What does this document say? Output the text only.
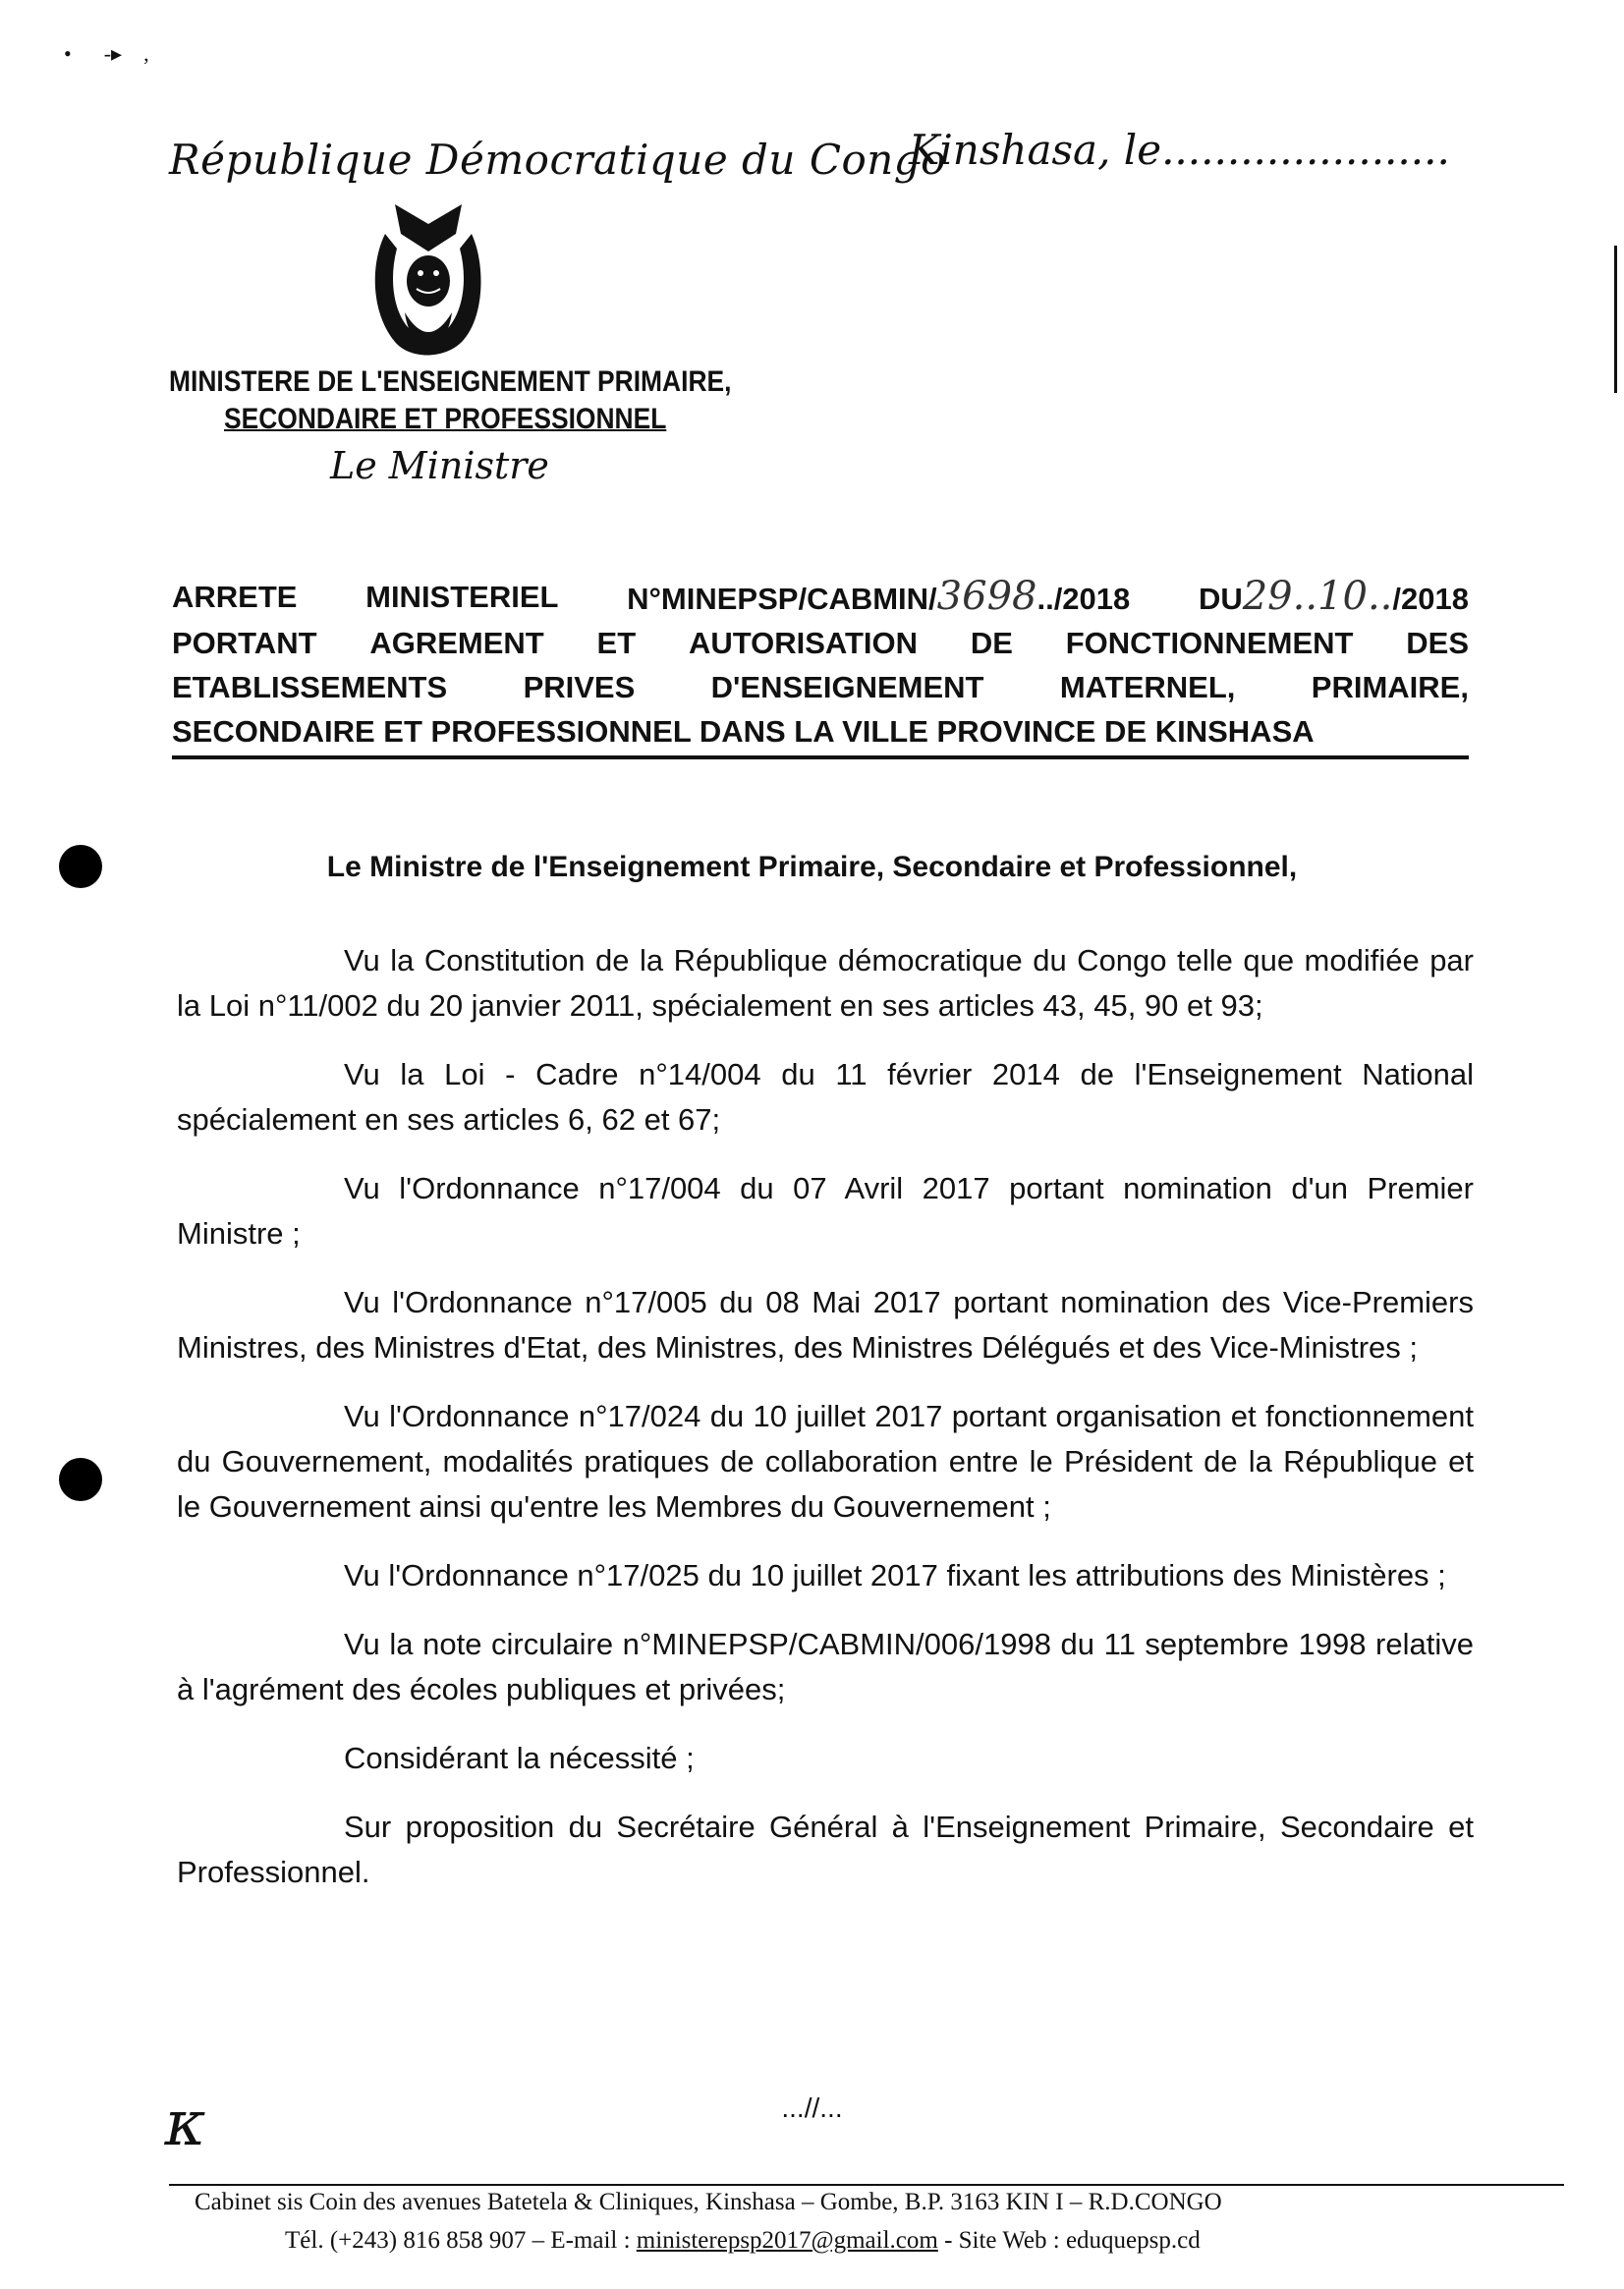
•      -▸    ,
République Démocratique du Congo
Kinshasa, le......................
MINISTERE DE L'ENSEIGNEMENT PRIMAIRE,
SECONDAIRE ET PROFESSIONNEL
Le Ministre
ARRETE MINISTERIEL N°MINEPSP/CABMIN/3698../2018 DU29..10../2018
PORTANT AGREMENT ET AUTORISATION DE FONCTIONNEMENT DES
ETABLISSEMENTS PRIVES D'ENSEIGNEMENT MATERNEL, PRIMAIRE,
SECONDAIRE ET PROFESSIONNEL DANS LA VILLE PROVINCE DE KINSHASA
Le Ministre de l'Enseignement Primaire, Secondaire et Professionnel,

Vu la Constitution de la République démocratique du Congo telle que modifiée par la Loi n°11/002 du 20 janvier 2011, spécialement en ses articles 43, 45, 90 et 93;

Vu la Loi - Cadre n°14/004 du 11 février 2014 de l'Enseignement National spécialement en ses articles 6, 62 et 67;

Vu l'Ordonnance n°17/004 du 07 Avril 2017 portant nomination d'un Premier Ministre ;

Vu l'Ordonnance n°17/005 du 08 Mai 2017 portant nomination des Vice-Premiers Ministres, des Ministres d'Etat, des Ministres, des Ministres Délégués et des Vice-Ministres ;

Vu l'Ordonnance n°17/024 du 10 juillet 2017 portant organisation et fonctionnement du Gouvernement, modalités pratiques de collaboration entre le Président de la République et le Gouvernement ainsi qu'entre les Membres du Gouvernement ;

Vu l'Ordonnance n°17/025 du 10 juillet 2017 fixant les attributions des Ministères ;

Vu la note circulaire n°MINEPSP/CABMIN/006/1998 du 11 septembre 1998 relative à l'agrément des écoles publiques et privées;

Considérant la nécessité ;

Sur proposition du Secrétaire Général à l'Enseignement Primaire, Secondaire et Professionnel.

ᴋ	...//...
Cabinet sis Coin des avenues Batetela & Cliniques, Kinshasa – Gombe, B.P. 3163 KIN I – R.D.CONGO
Tél. (+243) 816 858 907 – E-mail : ministerepsp2017@gmail.com - Site Web : eduquepsp.cd
